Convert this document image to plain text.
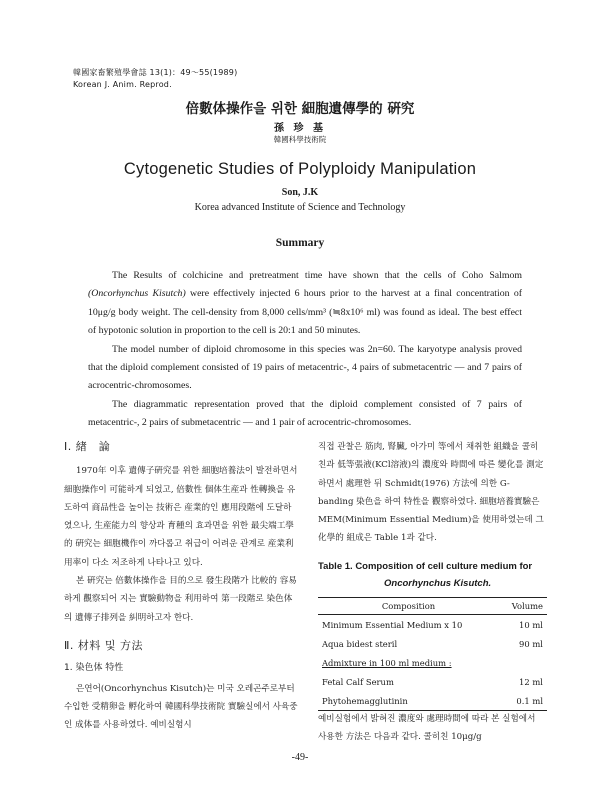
韓國家畜繁殖學會誌 13(1)：49～55(1989)
Korean J. Anim. Reprod.
倍數体操作을 위한 細胞遺傳學的 硏究
孫 珍 基
韓國科學技術院
Cytogenetic Studies of Polyploidy Manipulation
Son, J.K
Korea advanced Institute of Science and Technology
Summary

The Results of colchicine and pretreatment time have shown that the cells of Coho Salmom (Oncorhynchus Kisutch) were effectively injected 6 hours prior to the harvest at a final concentration of 10μg/g body weight. The cell-density from 8,000 cells/mm³ (≒8x10⁶ ml) was found as ideal. The best effect of hypotonic solution in proportion to the cell is 20:1 and 50 minutes.

The model number of diploid chromosome in this species was 2n=60. The karyotype analysis proved that the diploid complement consisted of 19 pairs of metacentric-, 4 pairs of submetacentric — and 7 pairs of acrocentric-chromosomes.

The diagrammatic representation proved that the diploid complement consisted of 7 pairs of metacentric-, 2 pairs of submetacentric — and 1 pair of acrocentric-chromosomes.

Ⅰ. 緖　論
1970年 이후 遺傳子硏究를 위한 細胞培養法이 발전하면서 細胞操作이 可能하게 되었고, 倍數性 個体生産과 性轉換을 유도하여 商品性을 높이는 技術은 産業的인 應用段階에 도달하였으나, 生産能力의 향상과 育種의 효과면을 위한 最尖端工學的 硏究는 細胞機作이 까다롭고 취급이 어려운 관계로 産業利用率이 다소 저조하게 나타나고 있다.
본 硏究는 倍數体操作을 目的으로 發生段階가 比較的 容易하게 觀察되어 지는 實驗動物을 利用하여 第一段階로 染色体의 遺傳子排列을 糾明하고자 한다.
Ⅱ. 材料 및 方法
1. 染色体 特性
은연어(Oncorhynchus Kisutch)는 미국 오레곤주로부터 수입한 受精卵을 孵化하여 韓國科學技術院 實驗실에서 사육중인 成体를 사용하였다. 예비실험시
직접 관찰은 筋肉, 腎臟, 아가미 等에서 채취한 組織을 콜히친과 低等張液(KCl溶液)의 濃度와 時間에 따른 變化를 測定하면서 處理한 뒤 Schmidt(1976) 方法에 의한 G-banding 染色을 하여 特性을 觀察하였다. 細胞培養實驗은 MEM(Minimum Essential Medium)을 使用하였는데 그 化學的 組成은 Table 1과 같다.
Table 1. Composition of cell culture medium for
Oncorhynchus Kisutch.
Composition	Volume
Minimum Essential Medium x 10	10 ml
Aqua bidest steril	90 ml
Admixture in 100 ml medium :	
Fetal Calf Serum	12 ml
Phytohemagglutinin	0.1 ml
예비실험에서 밝혀진 濃度와 處理時間에 따라 본 실험에서 사용한 方法은 다음과 같다. 콜히친 10μg/g
-49-
